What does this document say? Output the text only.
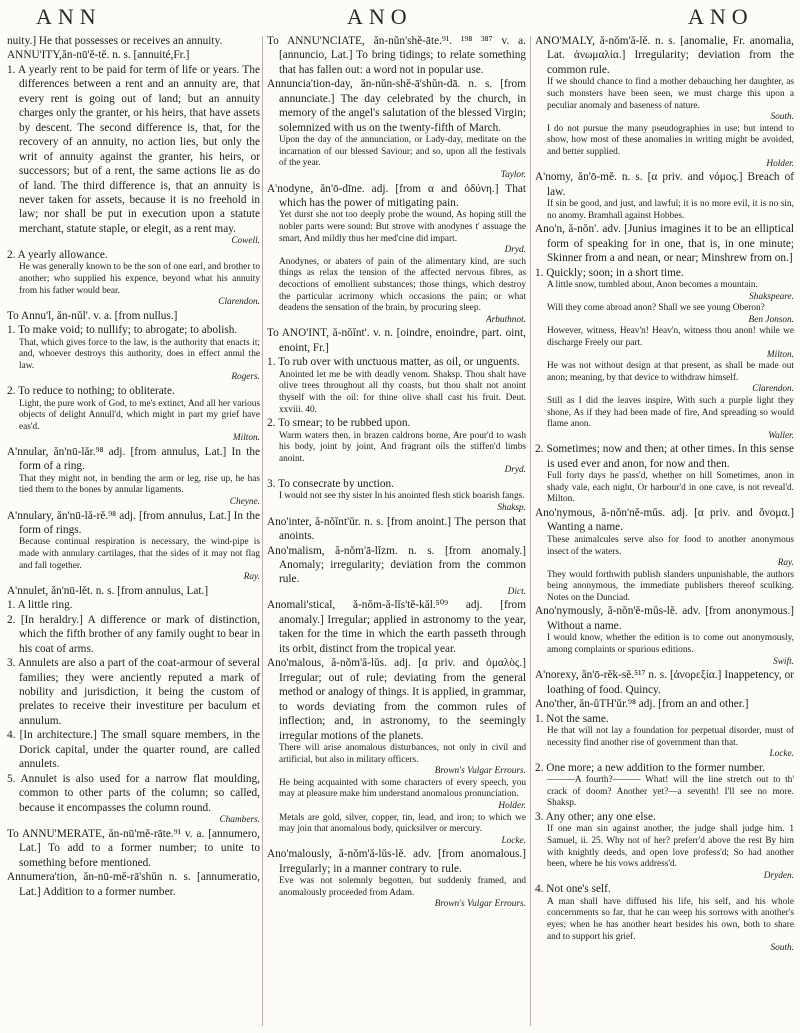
ANN	ANO	ANO

nuity.] He that possesses or receives an annuity.

ANNU'ITY,ăn-nū'ĕ-tĕ. n. s. [annuité,Fr.]

1. A yearly rent to be paid for term of life or years. The differences between a rent and an annuity are, that every rent is going out of land; but an annuity charges only the granter, or his heirs, that have assets by descent. The second difference is, that, for the recovery of an annuity, no action lies, but only the writ of annuity against the granter, his heirs, or successors; but of a rent, the same actions lie as do of land. The third difference is, that an annuity is never taken for assets, because it is no freehold in law; nor shall be put in execution upon a statute merchant, statute staple, or elegit, as a rent may.

Cowell.

2. A yearly allowance.

He was generally known to be the son of one earl, and brother to another; who supplied his expence, beyond what his annuity from his father would bear.

Clarendon.

To Annu'l, ăn-nŭl'. v. a. [from nullus.]

1. To make void; to nullify; to abrogate; to abolish.

That, which gives force to the law, is the authority that enacts it; and, whoever destroys this authority, does in effect annul the law.

Rogers.

2. To reduce to nothing; to obliterate.

Light, the pure work of God, to me's extinct, And all her various objects of delight Annull'd, which might in part my grief have eas'd.

Milton.

A'nnular, ăn'nū-lăr.⁹⁸ adj. [from annulus, Lat.] In the form of a ring.

That they might not, in bending the arm or leg, rise up, he has tied them to the bones by annular ligaments.

Cheyne.

A'nnulary, ăn'nū-lă-rĕ.⁹⁸ adj. [from annulus, Lat.] In the form of rings.

Because continual respiration is necessary, the wind-pipe is made with annulary cartilages, that the sides of it may not flag and fall together.

Ray.

A'nnulet, ăn'nū-lĕt. n. s. [from annulus, Lat.]

1. A little ring.

2. [In heraldry.] A difference or mark of distinction, which the fifth brother of any family ought to bear in his coat of arms.

3. Annulets are also a part of the coat-armour of several families; they were anciently reputed a mark of nobility and jurisdiction, it being the custom of prelates to receive their investiture per baculum et annulum.

4. [In architecture.] The small square members, in the Dorick capital, under the quarter round, are called annulets.

5. Annulet is also used for a narrow flat moulding, common to other parts of the column; so called, because it encompasses the column round.

Chambers.

To ANNU'MERATE, ăn-nū'mĕ-rāte.⁹¹ v. a. [annumero, Lat.] To add to a former number; to unite to something before mentioned.

Annumera'tion, ăn-nū-mĕ-rā'shŭn n. s. [annumeratio, Lat.] Addition to a former number.

To ANNU'NCIATE, ăn-nŭn'shĕ-āte.⁹¹. ¹⁹⁸ ³⁸⁷ v. a. [annuncio, Lat.] To bring tidings; to relate something that has fallen out: a word not in popular use.

Annuncia'tion-day, ăn-nŭn-shĕ-ā'shŭn-dā. n. s. [from annunciate.] The day celebrated by the church, in memory of the angel's salutation of the blessed Virgin; solemnized with us on the twenty-fifth of March.

Upon the day of the annunciation, or Lady-day, meditate on the incarnation of our blessed Saviour; and so, upon all the festivals of the year.

Taylor.

A'nodyne, ăn'ō-dīne. adj. [from α and ὀδύνη.] That which has the power of mitigating pain.

Yet durst she not too deeply probe the wound, As hoping still the nobler parts were sound: But strove with anodynes t' assuage the smart, And mildly thus her med'cine did impart.

Dryd.

Anodynes, or abaters of pain of the alimentary kind, are such things as relax the tension of the affected nervous fibres, as decoctions of emollient substances; those things, which destroy the particular acrimony which occasions the pain; or what deadens the sensation of the brain, by procuring sleep.

Arbuthnot.

To ANO'INT, ă-nŏĭnt'. v. n. [oindre, enoindre, part. oint, enoint, Fr.]

1. To rub over with unctuous matter, as oil, or unguents.

Anointed let me be with deadly venom. Shaksp. Thou shalt have olive trees throughout all thy coasts, but thou shalt not anoint thyself with the oil: for thine olive shall cast his fruit. Deut. xxviii. 40.

2. To smear; to be rubbed upon.

Warm waters then, in brazen caldrons borne, Are pour'd to wash his body, joint by joint, And fragrant oils the stiffen'd limbs anoint.

Dryd.

3. To consecrate by unction.

I would not see thy sister In his anointed flesh stick boarish fangs.

Shaksp.

Ano'inter, ă-nŏĭnt'ŭr. n. s. [from anoint.] The person that anoints.

Ano'malism, ă-nŏm'ā-lĭzm. n. s. [from anomaly.] Anomaly; irregularity; deviation from the common rule.

Dict.

Anomali'stical, ă-nŏm-ă-lĭs'tĕ-kăl.⁵⁰⁹ adj. [from anomaly.] Irregular; applied in astronomy to the year, taken for the time in which the earth passeth through its orbit, distinct from the tropical year.

Ano'malous, ă-nŏm'ă-lŭs. adj. [α priv. and ὁμαλὸς.] Irregular; out of rule; deviating from the general method or analogy of things. It is applied, in grammar, to words deviating from the common rules of inflection; and, in astronomy, to the seemingly irregular motions of the planets.

There will arise anomalous disturbances, not only in civil and artificial, but also in military officers.

Brown's Vulgar Errours.

He being acquainted with some characters of every speech, you may at pleasure make him understand anomalous pronunciation.

Holder.

Metals are gold, silver, copper, tin, lead, and iron; to which we may join that anomalous body, quicksilver or mercury.

Locke.

Ano'malously, ă-nŏm'ă-lŭs-lĕ. adv. [from anomalous.] Irregularly; in a manner contrary to rule.

Eve was not solemnly begotten, but suddenly framed, and anomalously proceeded from Adam.

Brown's Vulgar Errours.

ANO'MALY, ă-nŏm'ă-lĕ. n. s. [anomalie, Fr. anomalia, Lat. ἀνωμαλία.] Irregularity; deviation from the common rule.

If we should chance to find a mother debauching her daughter, as such monsters have been seen, we must charge this upon a peculiar anomaly and baseness of nature.

South.

I do not pursue the many pseudographies in use; but intend to show, how most of these anomalies in writing might be avoided, and better supplied.

Holder.

A'nomy, ăn'ō-mĕ. n. s. [α priv. and νόμος.] Breach of law.

If sin be good, and just, and lawful; it is no more evil, it is no sin, no anomy. Bramhall against Hobbes.

Ano'n, ă-nŏn'. adv. [Junius imagines it to be an elliptical form of speaking for in one, that is, in one minute; Skinner from a and nean, or near; Minshrew from on.]

1. Quickly; soon; in a short time.

A little snow, tumbled about, Anon becomes a mountain.

Shakspeare.

Will they come abroad anon? Shall we see young Oberon?

Ben Jonson.

However, witness, Heav'n! Heav'n, witness thou anon! while we discharge Freely our part.

Milton.

He was not without design at that present, as shall be made out anon; meaning, by that device to withdraw himself.

Clarendon.

Still as I did the leaves inspire, With such a purple light they shone, As if they had been made of fire, And spreading so would flame anon.

Waller.

2. Sometimes; now and then; at other times. In this sense is used ever and anon, for now and then.

Full forty days he pass'd, whether on hill Sometimes, anon in shady vale, each night, Or harbour'd in one cave, is not reveal'd. Milton.

Ano'nymous, ă-nŏn'nĕ-mŭs. adj. [α priv. and ὄνομα.] Wanting a name.

These animalcules serve also for food to another anonymous insect of the waters.

Ray.

They would forthwith publish slanders unpunishable, the authors being anonymous, the immediate publishers thereof sculking. Notes on the Dunciad.

Ano'nymously, ă-nŏn'ĕ-mŭs-lĕ. adv. [from anonymous.] Without a name.

I would know, whether the edition is to come out anonymously, among complaints or spurious editions.

Swift.

A'norexy, ăn'ō-rĕk-sĕ.⁵¹⁷ n. s. [ἀνορεξία.] Inappetency, or loathing of food. Quincy.

Ano'ther, ăn-ŭTH'ŭr.⁹⁸ adj. [from an and other.]

1. Not the same.

He that will not lay a foundation for perpetual disorder, must of necessity find another rise of government than that.

Locke.

2. One more; a new addition to the former number.

———A fourth?——— What! will the line stretch out to th' crack of doom? Another yet?—a seventh! I'll see no more. Shaksp.

3. Any other; any one else.

If one man sin against another, the judge shall judge him. 1 Samuel, ii. 25. Why not of her? preferr'd above the rest By him with knightly deeds, and open love profess'd; So had another been, where he his vows address'd.

Dryden.

4. Not one's self.

A man shall have diffused his life, his self, and his whole concernments so far, that he can weep his sorrows with another's eyes; when he has another heart besides his own, both to share and to support his grief.

South.
